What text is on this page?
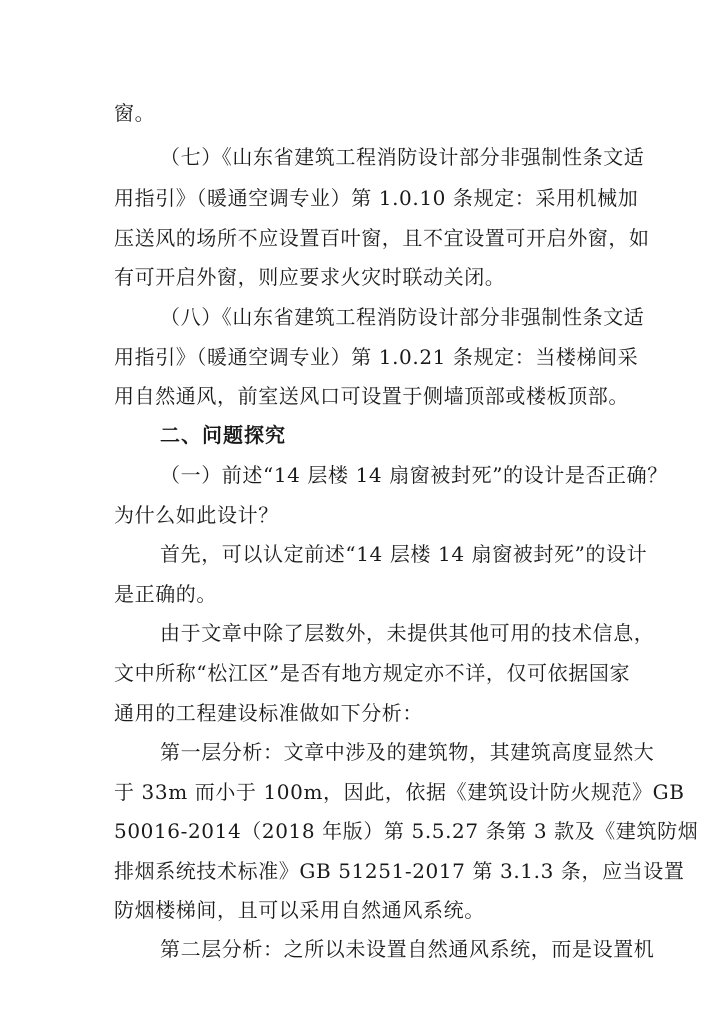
窗。
（七）《山东省建筑工程消防设计部分非强制性条文适
用指引》（暖通空调专业）第 1.0.10 条规定：采用机械加
压送风的场所不应设置百叶窗，且不宜设置可开启外窗，如
有可开启外窗，则应要求火灾时联动关闭。
（八）《山东省建筑工程消防设计部分非强制性条文适
用指引》（暖通空调专业）第 1.0.21 条规定：当楼梯间采
用自然通风，前室送风口可设置于侧墙顶部或楼板顶部。
二、问题探究
（一）前述“14 层楼 14 扇窗被封死”的设计是否正确？
为什么如此设计？
首先，可以认定前述“14 层楼 14 扇窗被封死”的设计
是正确的。
由于文章中除了层数外，未提供其他可用的技术信息，
文中所称“松江区”是否有地方规定亦不详，仅可依据国家
通用的工程建设标准做如下分析：
第一层分析：文章中涉及的建筑物，其建筑高度显然大
于 33m 而小于 100m，因此，依据《建筑设计防火规范》GB
50016-2014（2018 年版）第 5.5.27 条第 3 款及《建筑防烟
排烟系统技术标准》GB 51251-2017 第 3.1.3 条，应当设置
防烟楼梯间，且可以采用自然通风系统。
第二层分析：之所以未设置自然通风系统，而是设置机
